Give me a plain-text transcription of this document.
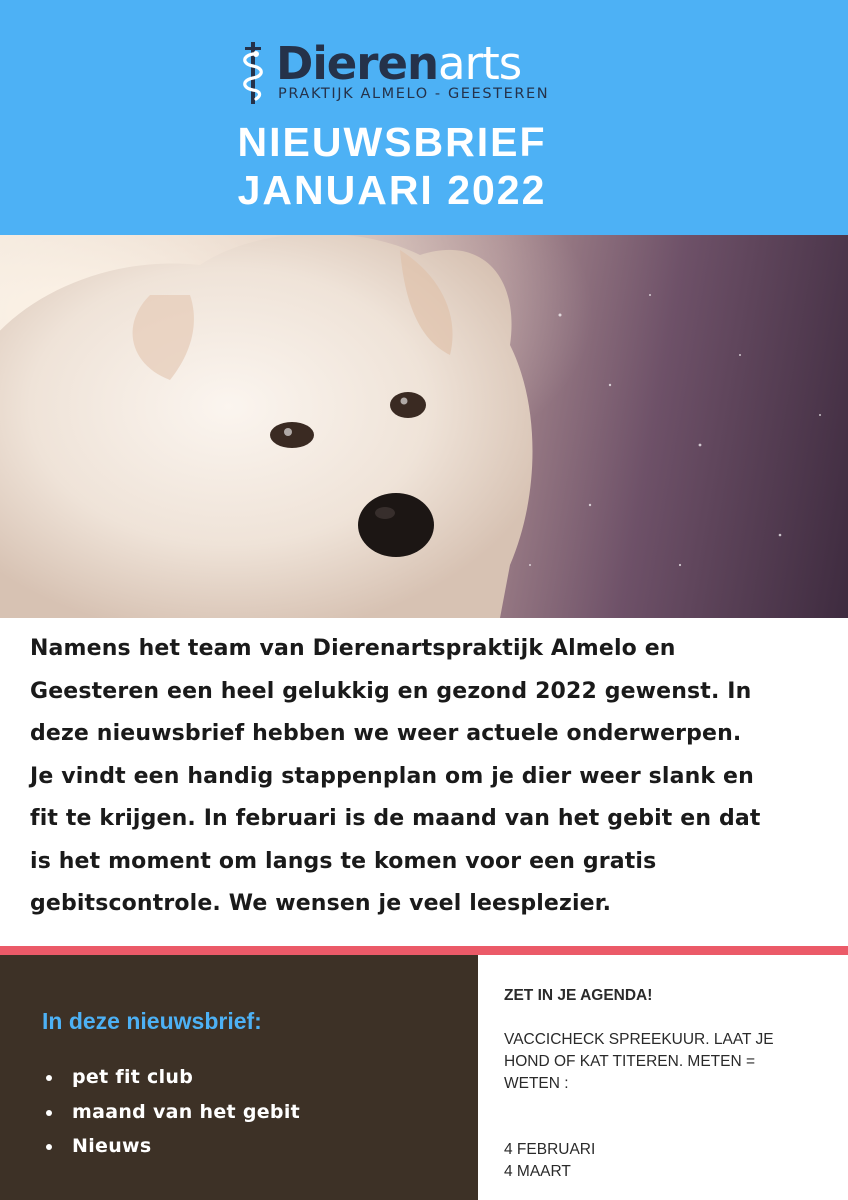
Dierenarts
PRAKTIJK ALMELO - GEESTEREN
NIEUWSBRIEF
JANUARI 2022
Namens het team van Dierenartspraktijk Almelo en
Geesteren een heel gelukkig en gezond 2022 gewenst. In
deze nieuwsbrief hebben we weer actuele onderwerpen.
Je vindt een handig stappenplan om je dier weer slank en
fit te krijgen. In februari is de maand van het gebit en dat
is het moment om langs te komen voor een gratis
gebitscontrole. We wensen je veel leesplezier.
In deze nieuwsbrief:
pet fit club
maand van het gebit
Nieuws
ZET IN JE AGENDA!
VACCICHECK SPREEKUUR. LAAT JE
HOND OF KAT TITEREN. METEN =
WETEN :
4 FEBRUARI
4 MAART
